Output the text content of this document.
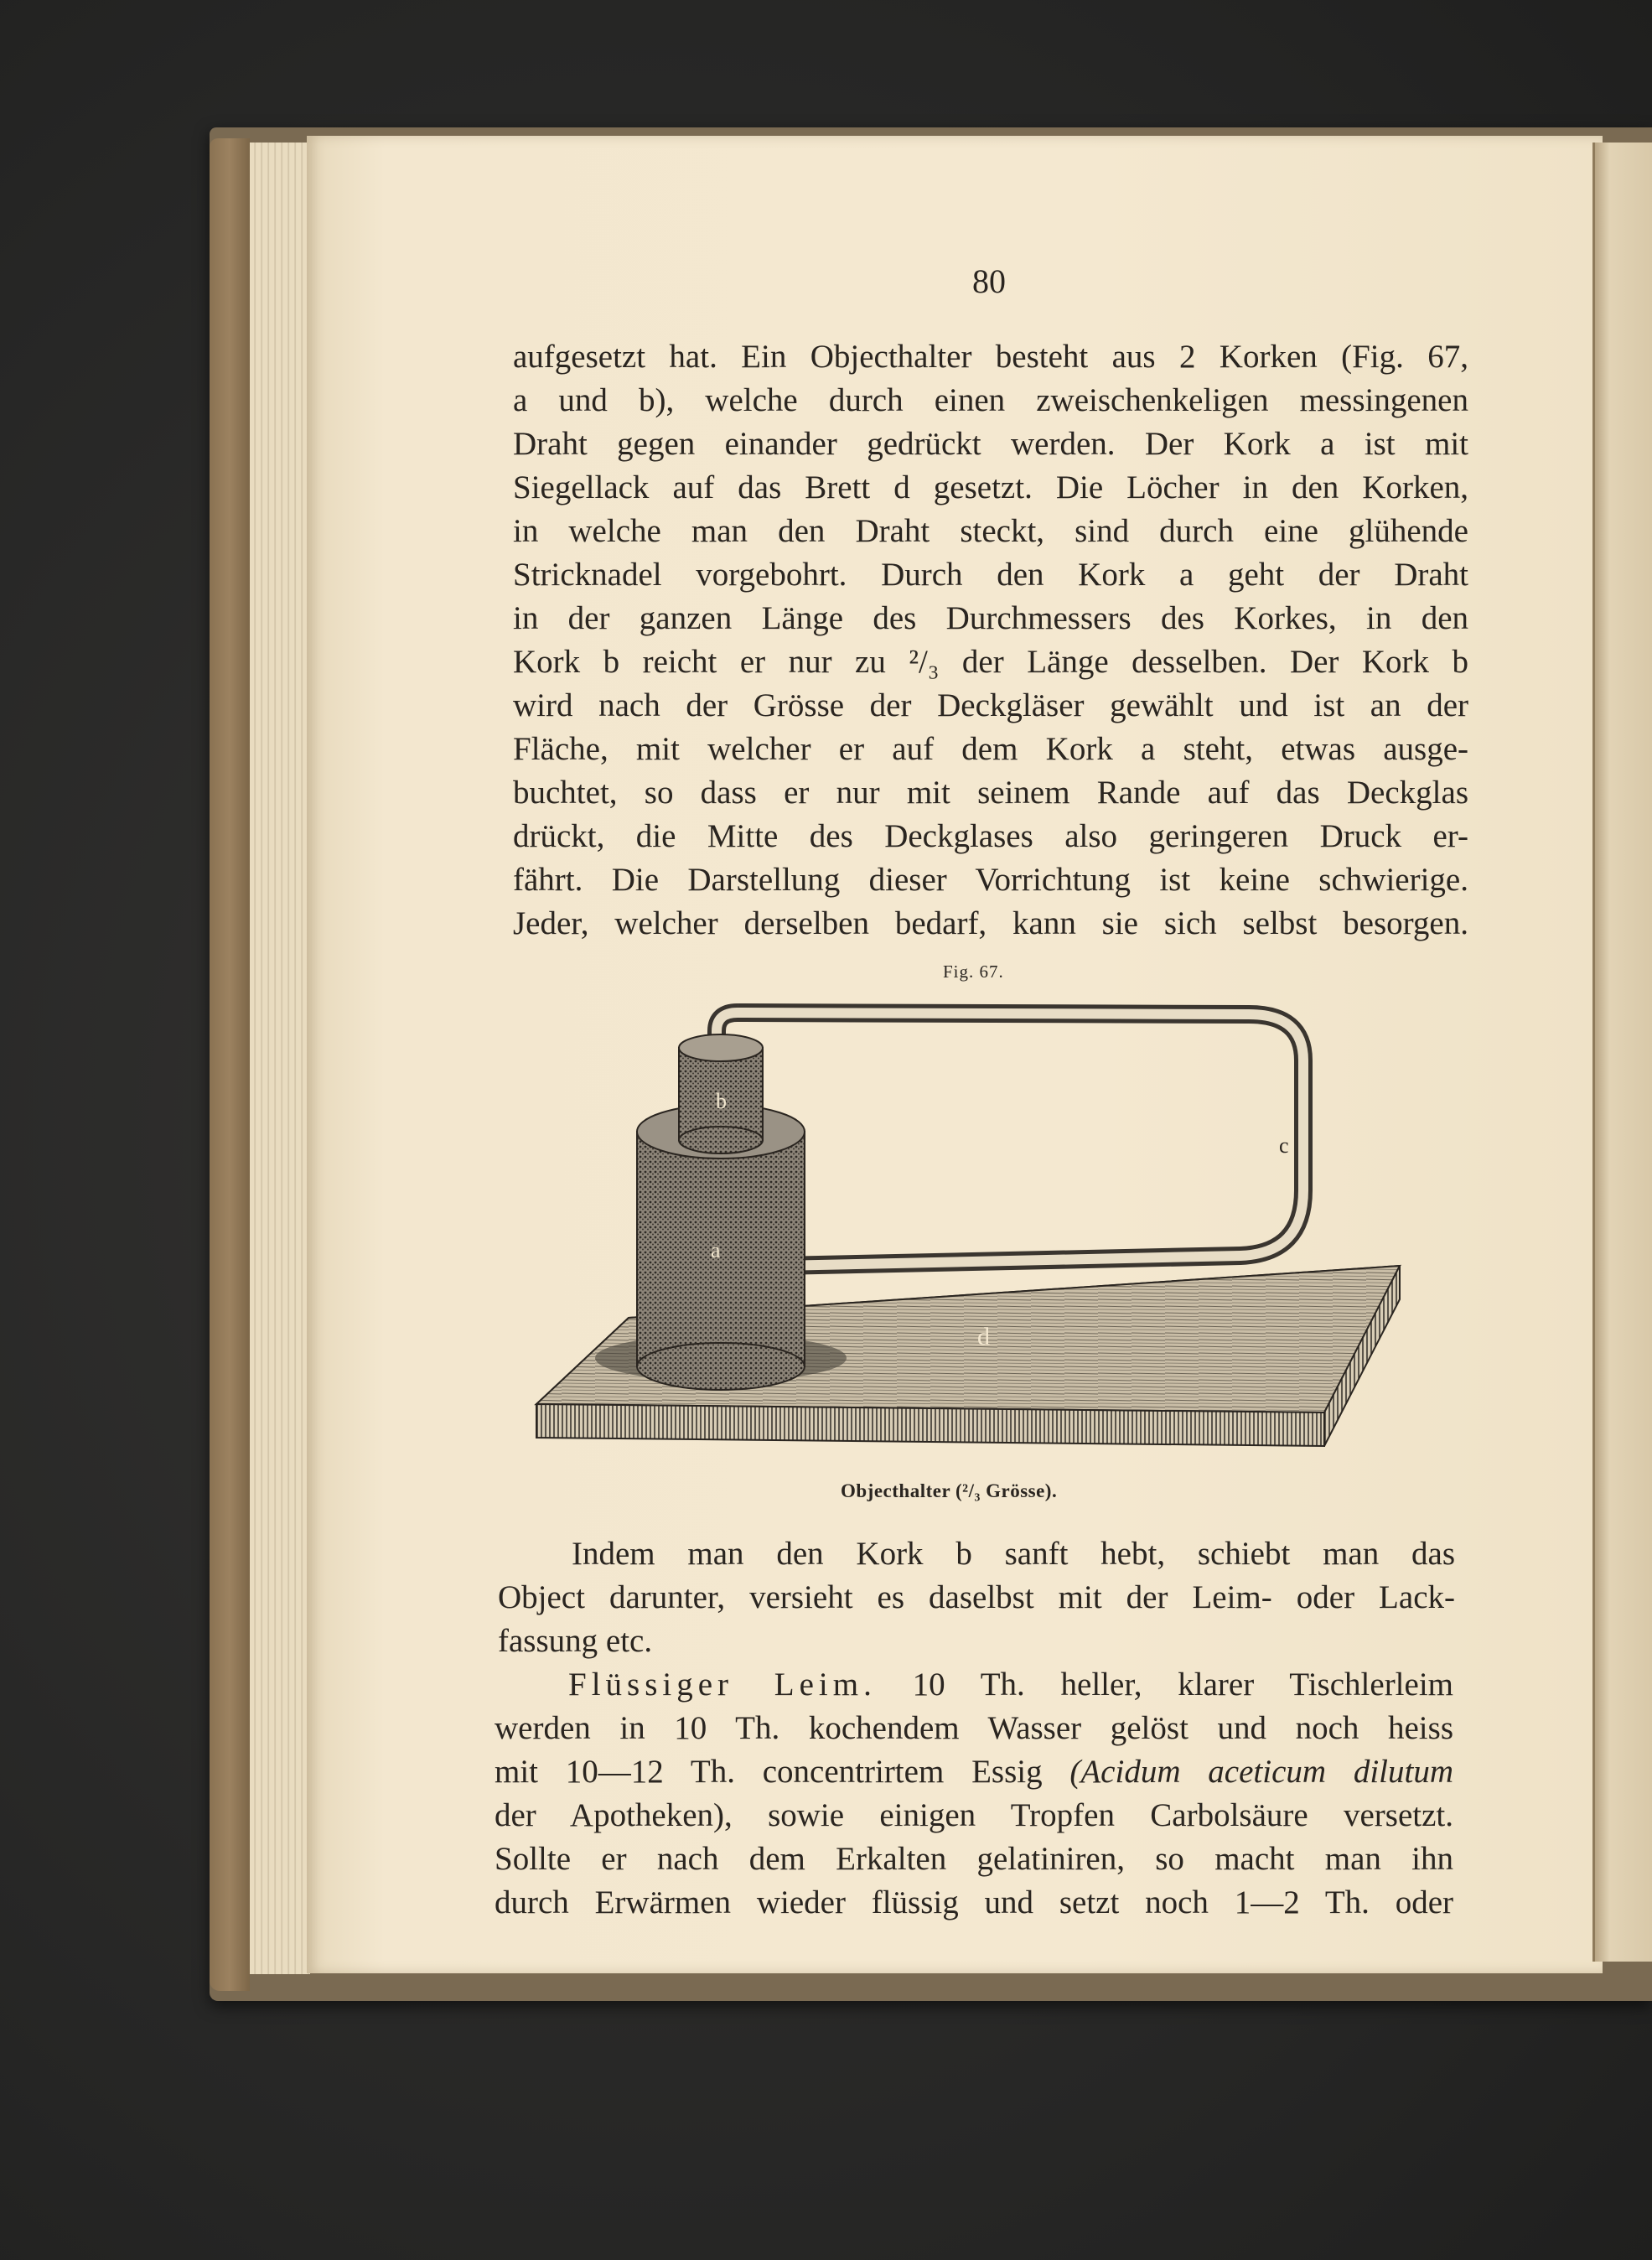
80
aufgesetzt hat. Ein Objecthalter besteht aus 2 Korken (Fig. 67,
a und b), welche durch einen zweischenkeligen messingenen
Draht gegen einander gedrückt werden. Der Kork a ist mit
Siegellack auf das Brett d gesetzt. Die Löcher in den Korken,
in welche man den Draht steckt, sind durch eine glühende
Stricknadel vorgebohrt. Durch den Kork a geht der Draht
in der ganzen Länge des Durchmessers des Korkes, in den
Kork b reicht er nur zu ²/₃ der Länge desselben. Der Kork b
wird nach der Grösse der Deckgläser gewählt und ist an der
Fläche, mit welcher er auf dem Kork a steht, etwas ausge-
buchtet, so dass er nur mit seinem Rande auf das Deckglas
drückt, die Mitte des Deckglases also geringeren Druck er-
fährt. Die Darstellung dieser Vorrichtung ist keine schwierige.
Jeder, welcher derselben bedarf, kann sie sich selbst besorgen.
Indem man den Kork b sanft hebt, schiebt man das
Object darunter, versieht es daselbst mit der Leim- oder Lack-
fassung etc.
Flüssiger Leim. 10 Th. heller, klarer Tischlerleim
werden in 10 Th. kochendem Wasser gelöst und noch heiss
mit 10—12 Th. concentrirtem Essig (Acidum aceticum dilutum
der Apotheken), sowie einigen Tropfen Carbolsäure versetzt.
Sollte er nach dem Erkalten gelatiniren, so macht man ihn
durch Erwärmen wieder flüssig und setzt noch 1—2 Th. oder
Fig. 67.
b
a
c
d
Objecthalter (²/₃ Grösse).
